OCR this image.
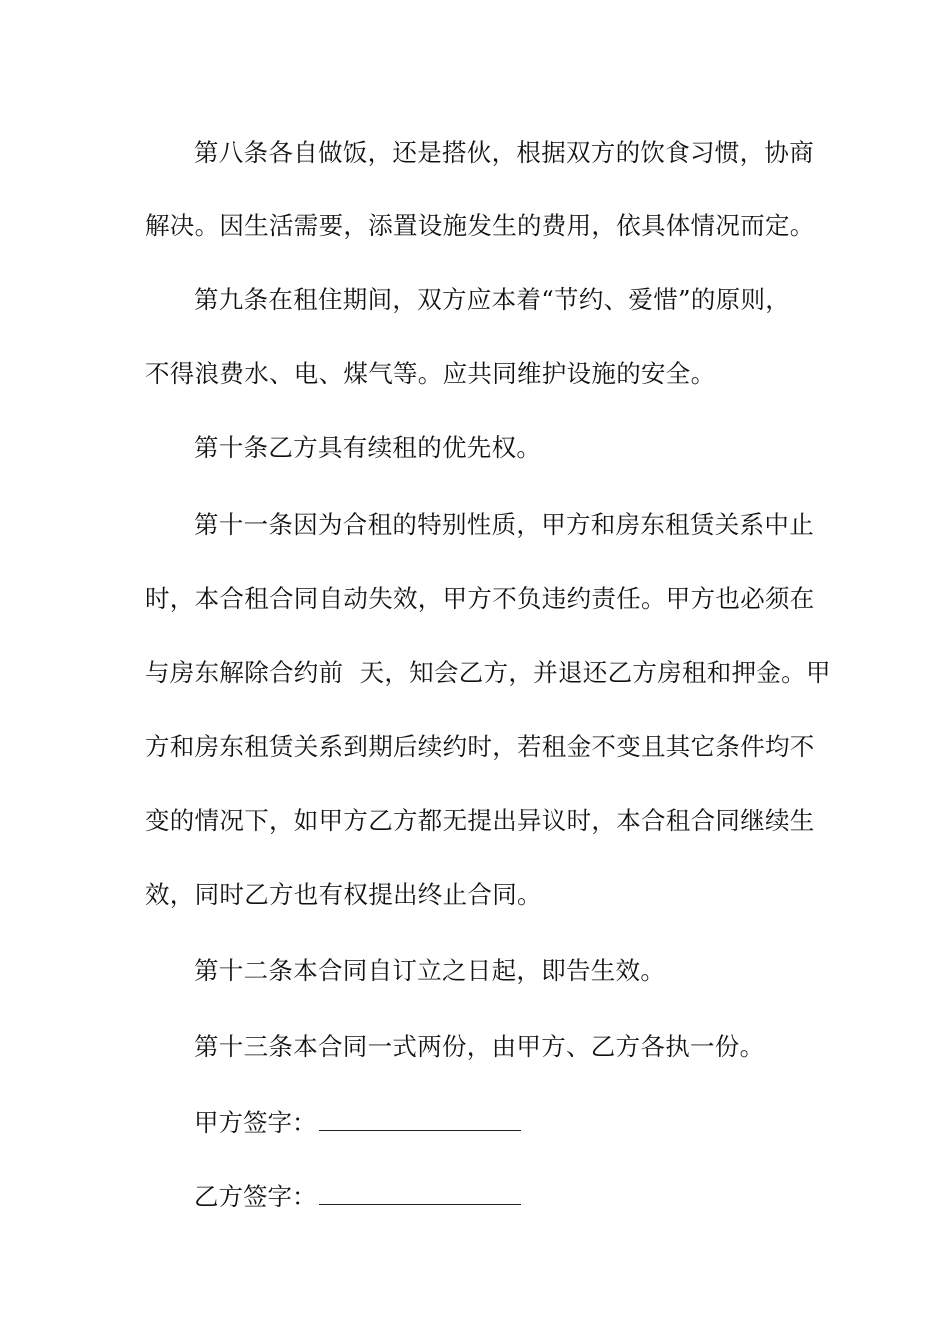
第八条各自做饭，还是搭伙，根据双方的饮食习惯，协商
解决。因生活需要，添置设施发生的费用，依具体情况而定。
第九条在租住期间，双方应本着“节约、爱惜”的原则，
不得浪费水、电、煤气等。应共同维护设施的安全。
第十条乙方具有续租的优先权。
第十一条因为合租的特别性质，甲方和房东租赁关系中止
时，本合租合同自动失效，甲方不负违约责任。甲方也必须在
与房东解除合约前  天，知会乙方，并退还乙方房租和押金。甲
方和房东租赁关系到期后续约时，若租金不变且其它条件均不
变的情况下，如甲方乙方都无提出异议时，本合租合同继续生
效，同时乙方也有权提出终止合同。
第十二条本合同自订立之日起，即告生效。
第十三条本合同一式两份，由甲方、乙方各执一份。
甲方签字：
乙方签字：
